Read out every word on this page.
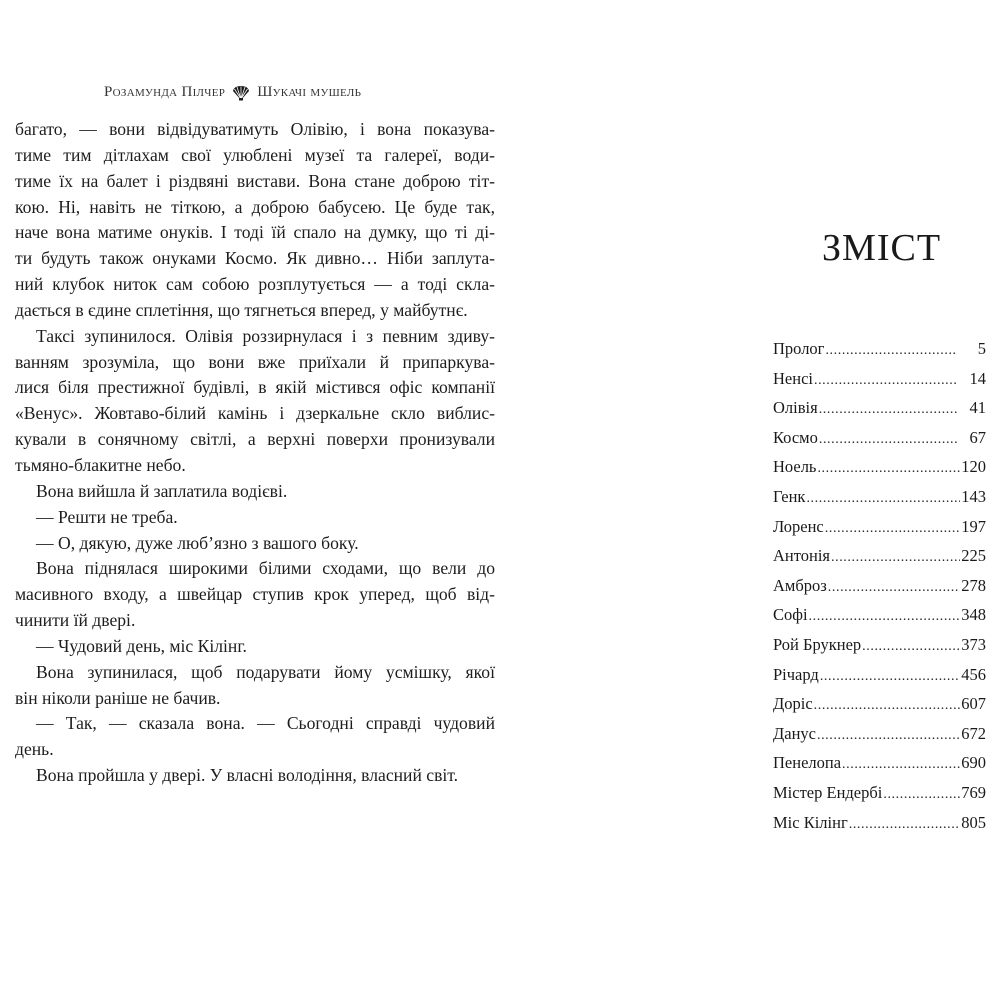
Розамунда Пілчер Шукачі мушель

багато, — вони відвідуватимуть Олівію, і вона показува-
тиме тим дітлахам свої улюблені музеї та галереї, води-
тиме їх на балет і різдвяні вистави. Вона стане доброю тіт-
кою. Ні, навіть не тіткою, а доброю бабусею. Це буде так,
наче вона матиме онуків. І тоді їй спало на думку, що ті ді-
ти будуть також онуками Космо. Як дивно… Ніби заплута-
ний клубок ниток сам собою розплутується — а тоді скла-
дається в єдине сплетіння, що тягнеться вперед, у майбутнє.

Таксі зупинилося. Олівія роззирнулася і з певним здиву-
ванням зрозуміла, що вони вже приїхали й припаркува-
лися біля престижної будівлі, в якій містився офіс компанії
«Венус». Жовтаво-білий камінь і дзеркальне скло виблис-
кували в сонячному світлі, а верхні поверхи пронизували
тьмяно-блакитне небо.

Вона вийшла й заплатила водієві.

— Решти не треба.

— О, дякую, дуже люб’язно з вашого боку.

Вона піднялася широкими білими сходами, що вели до
масивного входу, а швейцар ступив крок уперед, щоб від-
чинити їй двері.

— Чудовий день, міс Кілінг.

Вона зупинилася, щоб подарувати йому усмішку, якої
він ніколи раніше не бачив.

— Так, — сказала вона. — Сьогодні справді чудовий
день.

Вона пройшла у двері. У власні володіння, власний світ.

ЗМІСТ
Пролог .....	5
Ненсі .....	14
Олівія .....	41
Космо .....	67
Ноель .....	120
Генк .....	143
Лоренс .....	197
Антонія .....	225
Амброз .....	278
Софі .....	348
Рой Брукнер .....	373
Річард .....	456
Доріс .....	607
Данус .....	672
Пенелопа .....	690
Містер Ендербі .....	769
Міс Кілінг .....	805
